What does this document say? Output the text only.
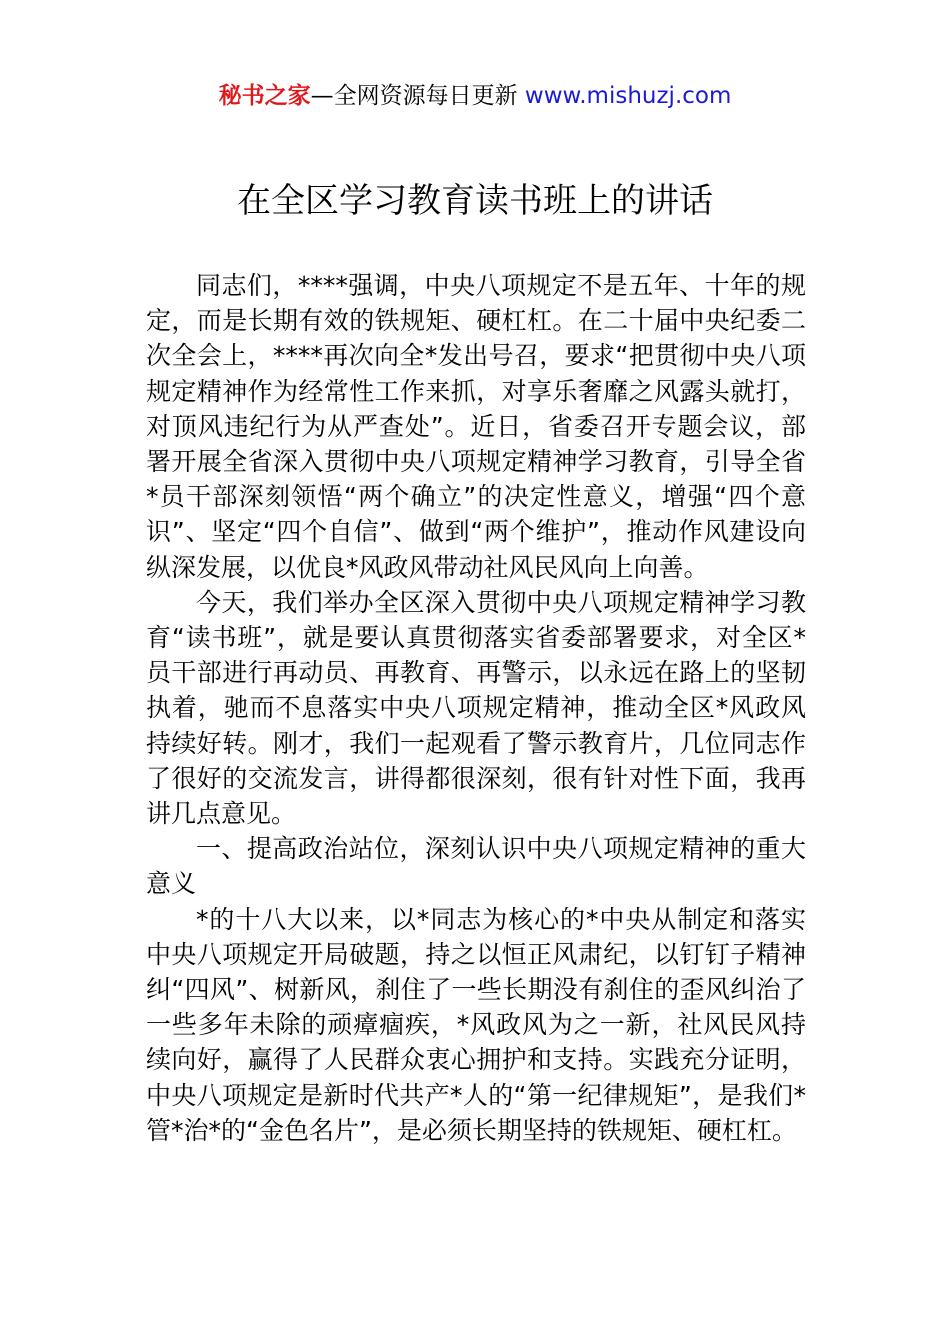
秘书之家—全网资源每日更新 www.mishuzj.com
在全区学习教育读书班上的讲话

同志们，****强调，中央八项规定不是五年、十年的规定，而是长期有效的铁规矩、硬杠杠。在二十届中央纪委二次全会上，****再次向全*发出号召，要求“把贯彻中央八项规定精神作为经常性工作来抓，对享乐奢靡之风露头就打，对顶风违纪行为从严查处”。近日，省委召开专题会议，部署开展全省深入贯彻中央八项规定精神学习教育，引导全省*员干部深刻领悟“两个确立”的决定性意义，增强“四个意识”、坚定“四个自信”、做到“两个维护”，推动作风建设向纵深发展，以优良*风政风带动社风民风向上向善。

今天，我们举办全区深入贯彻中央八项规定精神学习教育“读书班”，就是要认真贯彻落实省委部署要求，对全区*员干部进行再动员、再教育、再警示，以永远在路上的坚韧执着，驰而不息落实中央八项规定精神，推动全区*风政风持续好转。刚才，我们一起观看了警示教育片，几位同志作了很好的交流发言，讲得都很深刻，很有针对性下面，我再讲几点意见。

一、提高政治站位，深刻认识中央八项规定精神的重大意义

*的十八大以来，以*同志为核心的*中央从制定和落实中央八项规定开局破题，持之以恒正风肃纪，以钉钉子精神纠“四风”、树新风，刹住了一些长期没有刹住的歪风纠治了一些多年未除的顽瘴痼疾，*风政风为之一新，社风民风持续向好，赢得了人民群众衷心拥护和支持。实践充分证明，中央八项规定是新时代共产*人的“第一纪律规矩”，是我们*管*治*的“金色名片”，是必须长期坚持的铁规矩、硬杠杠。
